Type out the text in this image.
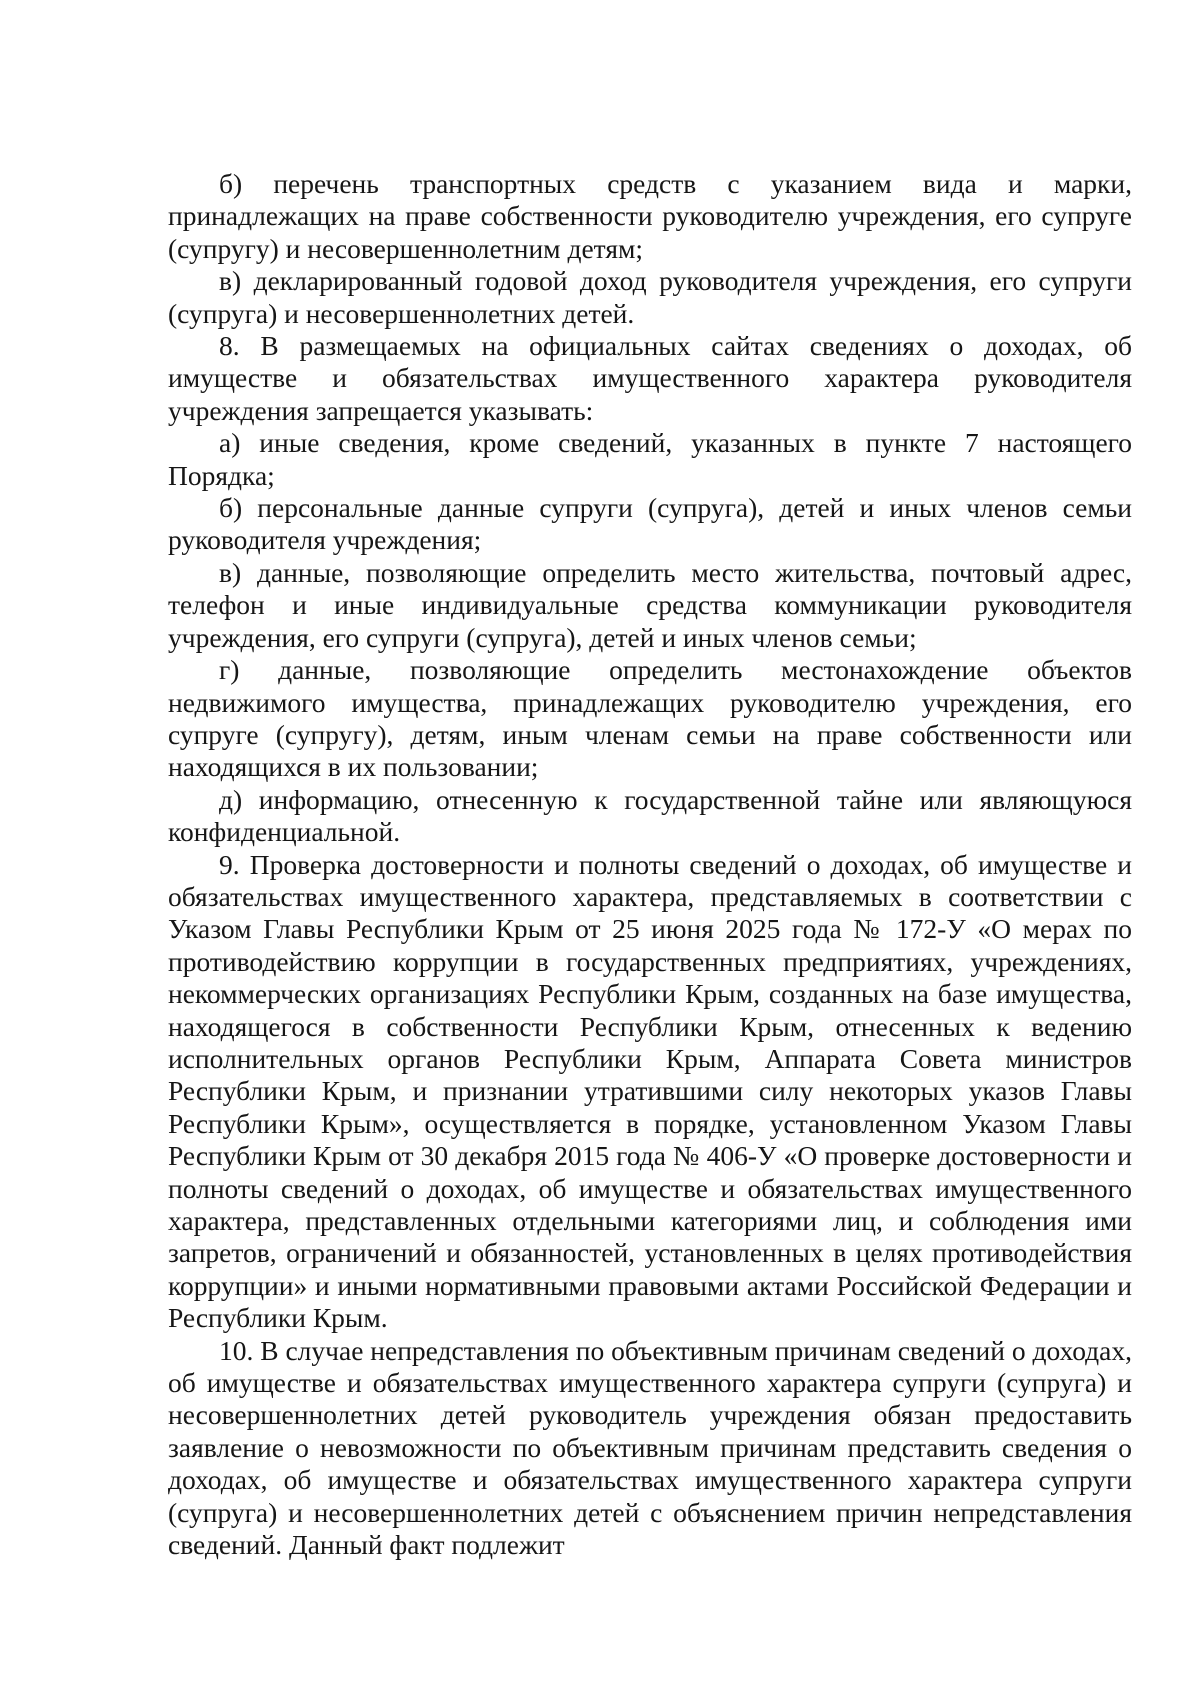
б) перечень транспортных средств с указанием вида и марки, принадлежащих на праве собственности руководителю учреждения, его супруге (супругу) и несовершеннолетним детям;

в) декларированный годовой доход руководителя учреждения, его супруги (супруга) и несовершеннолетних детей.

8. В размещаемых на официальных сайтах сведениях о доходах, об имуществе и обязательствах имущественного характера руководителя учреждения запрещается указывать:

а) иные сведения, кроме сведений, указанных в пункте 7 настоящего Порядка;

б) персональные данные супруги (супруга), детей и иных членов семьи руководителя учреждения;

в) данные, позволяющие определить место жительства, почтовый адрес, телефон и иные индивидуальные средства коммуникации руководителя учреждения, его супруги (супруга), детей и иных членов семьи;

г) данные, позволяющие определить местонахождение объектов недвижимого имущества, принадлежащих руководителю учреждения, его супруге (супругу), детям, иным членам семьи на праве собственности или находящихся в их пользовании;

д) информацию, отнесенную к государственной тайне или являющуюся конфиденциальной.

9. Проверка достоверности и полноты сведений о доходах, об имуществе и обязательствах имущественного характера, представляемых в соответствии с Указом Главы Республики Крым от 25 июня 2025 года № 172-У «О мерах по противодействию коррупции в государственных предприятиях, учреждениях, некоммерческих организациях Республики Крым, созданных на базе имущества, находящегося в собственности Республики Крым, отнесенных к ведению исполнительных органов Республики Крым, Аппарата Совета министров Республики Крым, и признании утратившими силу некоторых указов Главы Республики Крым», осуществляется в порядке, установленном Указом Главы Республики Крым от 30 декабря 2015 года № 406-У «О проверке достоверности и полноты сведений о доходах, об имуществе и обязательствах имущественного характера, представленных отдельными категориями лиц, и соблюдения ими запретов, ограничений и обязанностей, установленных в целях противодействия коррупции» и иными нормативными правовыми актами Российской Федерации и Республики Крым.

10. В случае непредставления по объективным причинам сведений о доходах, об имуществе и обязательствах имущественного характера супруги (супруга) и несовершеннолетних детей руководитель учреждения обязан предоставить заявление о невозможности по объективным причинам представить сведения о доходах, об имуществе и обязательствах имущественного характера супруги (супруга) и несовершеннолетних детей с объяснением причин непредставления сведений. Данный факт подлежит
